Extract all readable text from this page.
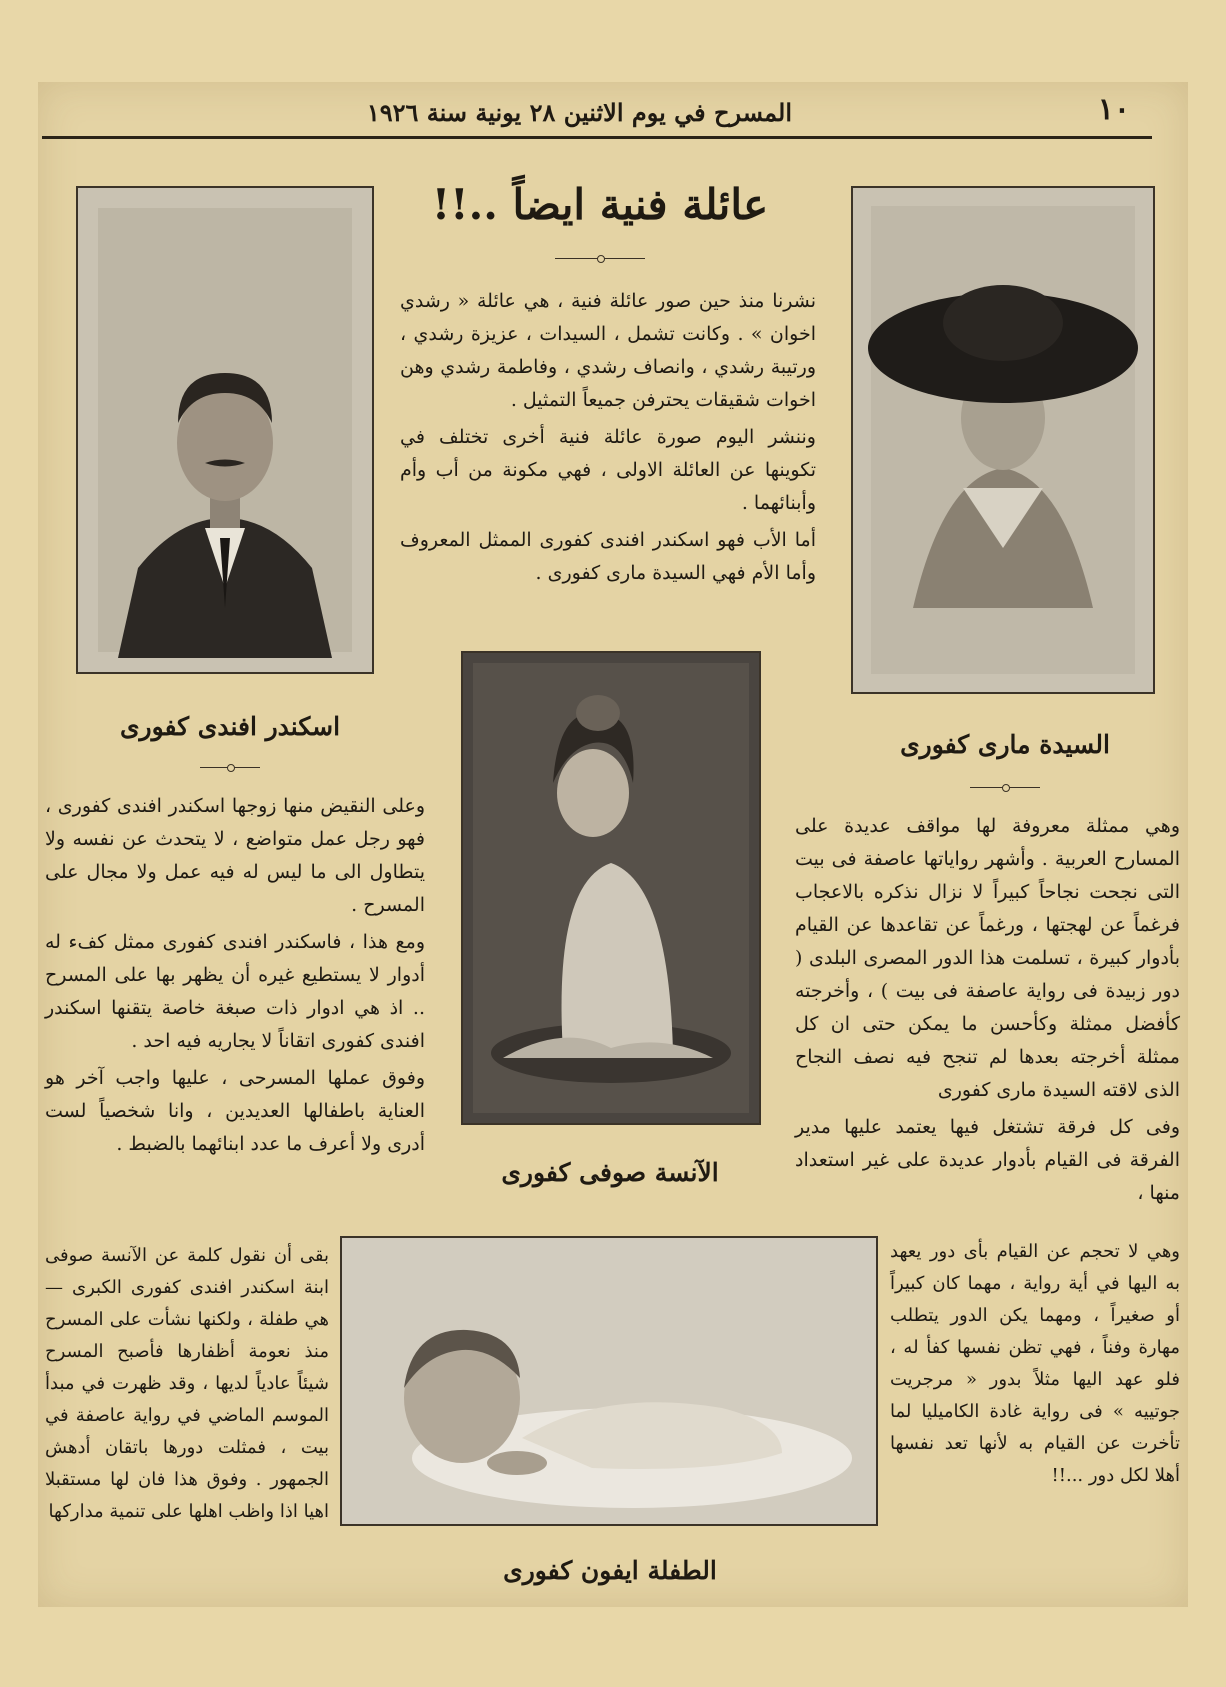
١٠
المسرح في يوم الاثنين ٢٨ يونية سنة ١٩٢٦
عائلة فنية ايضاً ..!!

نشرنا منذ حين صور عائلة فنية ، هي عائلة « رشدي اخوان » . وكانت تشمل ، السيدات ، عزيزة رشدي ، ورتيبة رشدي ، وانصاف رشدي ، وفاطمة رشدي وهن اخوات شقيقات يحترفن جميعاً التمثيل .

وننشر اليوم صورة عائلة فنية أخرى تختلف في تكوينها عن العائلة الاولى ، فهي مكونة من أب وأم وأبنائهما .

أما الأب فهو اسكندر افندى كفورى الممثل المعروف وأما الأم فهي السيدة مارى كفورى .

اسكندر افندى كفورى
السيدة مارى كفورى
الآنسة صوفى كفورى
الطفلة ايفون كفورى

وعلى النقيض منها زوجها اسكندر افندى كفورى ، فهو رجل عمل متواضع ، لا يتحدث عن نفسه ولا يتطاول الى ما ليس له فيه عمل ولا مجال على المسرح .

ومع هذا ، فاسكندر افندى كفورى ممثل كفء له أدوار لا يستطيع غيره أن يظهر بها على المسرح .. اذ هي ادوار ذات صبغة خاصة يتقنها اسكندر افندى كفورى اتقاناً لا يجاريه فيه احد .

وفوق عملها المسرحى ، عليها واجب آخر هو العناية باطفالها العديدين ، وانا شخصياً لست أدرى ولا أعرف ما عدد ابنائهما بالضبط .

بقى أن نقول كلمة عن الآنسة صوفى ابنة اسكندر افندى كفورى الكبرى — هي طفلة ، ولكنها نشأت على المسرح منذ نعومة أظفارها فأصبح المسرح شيئاً عادياً لديها ، وقد ظهرت في مبدأ الموسم الماضي في رواية عاصفة في بيت ، فمثلت دورها باتقان أدهش الجمهور . وفوق هذا فان لها مستقبلا اهيا اذا واظب اهلها على تنمية مداركها

وهي ممثلة معروفة لها مواقف عديدة على المسارح العربية . وأشهر رواياتها عاصفة فى بيت التى نجحت نجاحاً كبيراً لا نزال نذكره بالاعجاب فرغماً عن لهجتها ، ورغماً عن تقاعدها عن القيام بأدوار كبيرة ، تسلمت هذا الدور المصرى البلدى ( دور زبيدة فى رواية عاصفة فى بيت ) ، وأخرجته كأفضل ممثلة وكأحسن ما يمكن حتى ان كل ممثلة أخرجته بعدها لم تنجح فيه نصف النجاح الذى لاقته السيدة مارى كفورى

وفى كل فرقة تشتغل فيها يعتمد عليها مدير الفرقة فى القيام بأدوار عديدة على غير استعداد منها ،

وهي لا تحجم عن القيام بأى دور يعهد به اليها في أية رواية ، مهما كان كبيراً أو صغيراً ، ومهما يكن الدور يتطلب مهارة وفناً ، فهي تظن نفسها كفأ له ، فلو عهد اليها مثلاً بدور « مرجريت جوتييه » فى رواية غادة الكاميليا لما تأخرت عن القيام به لأنها تعد نفسها أهلا لكل دور ...!!
